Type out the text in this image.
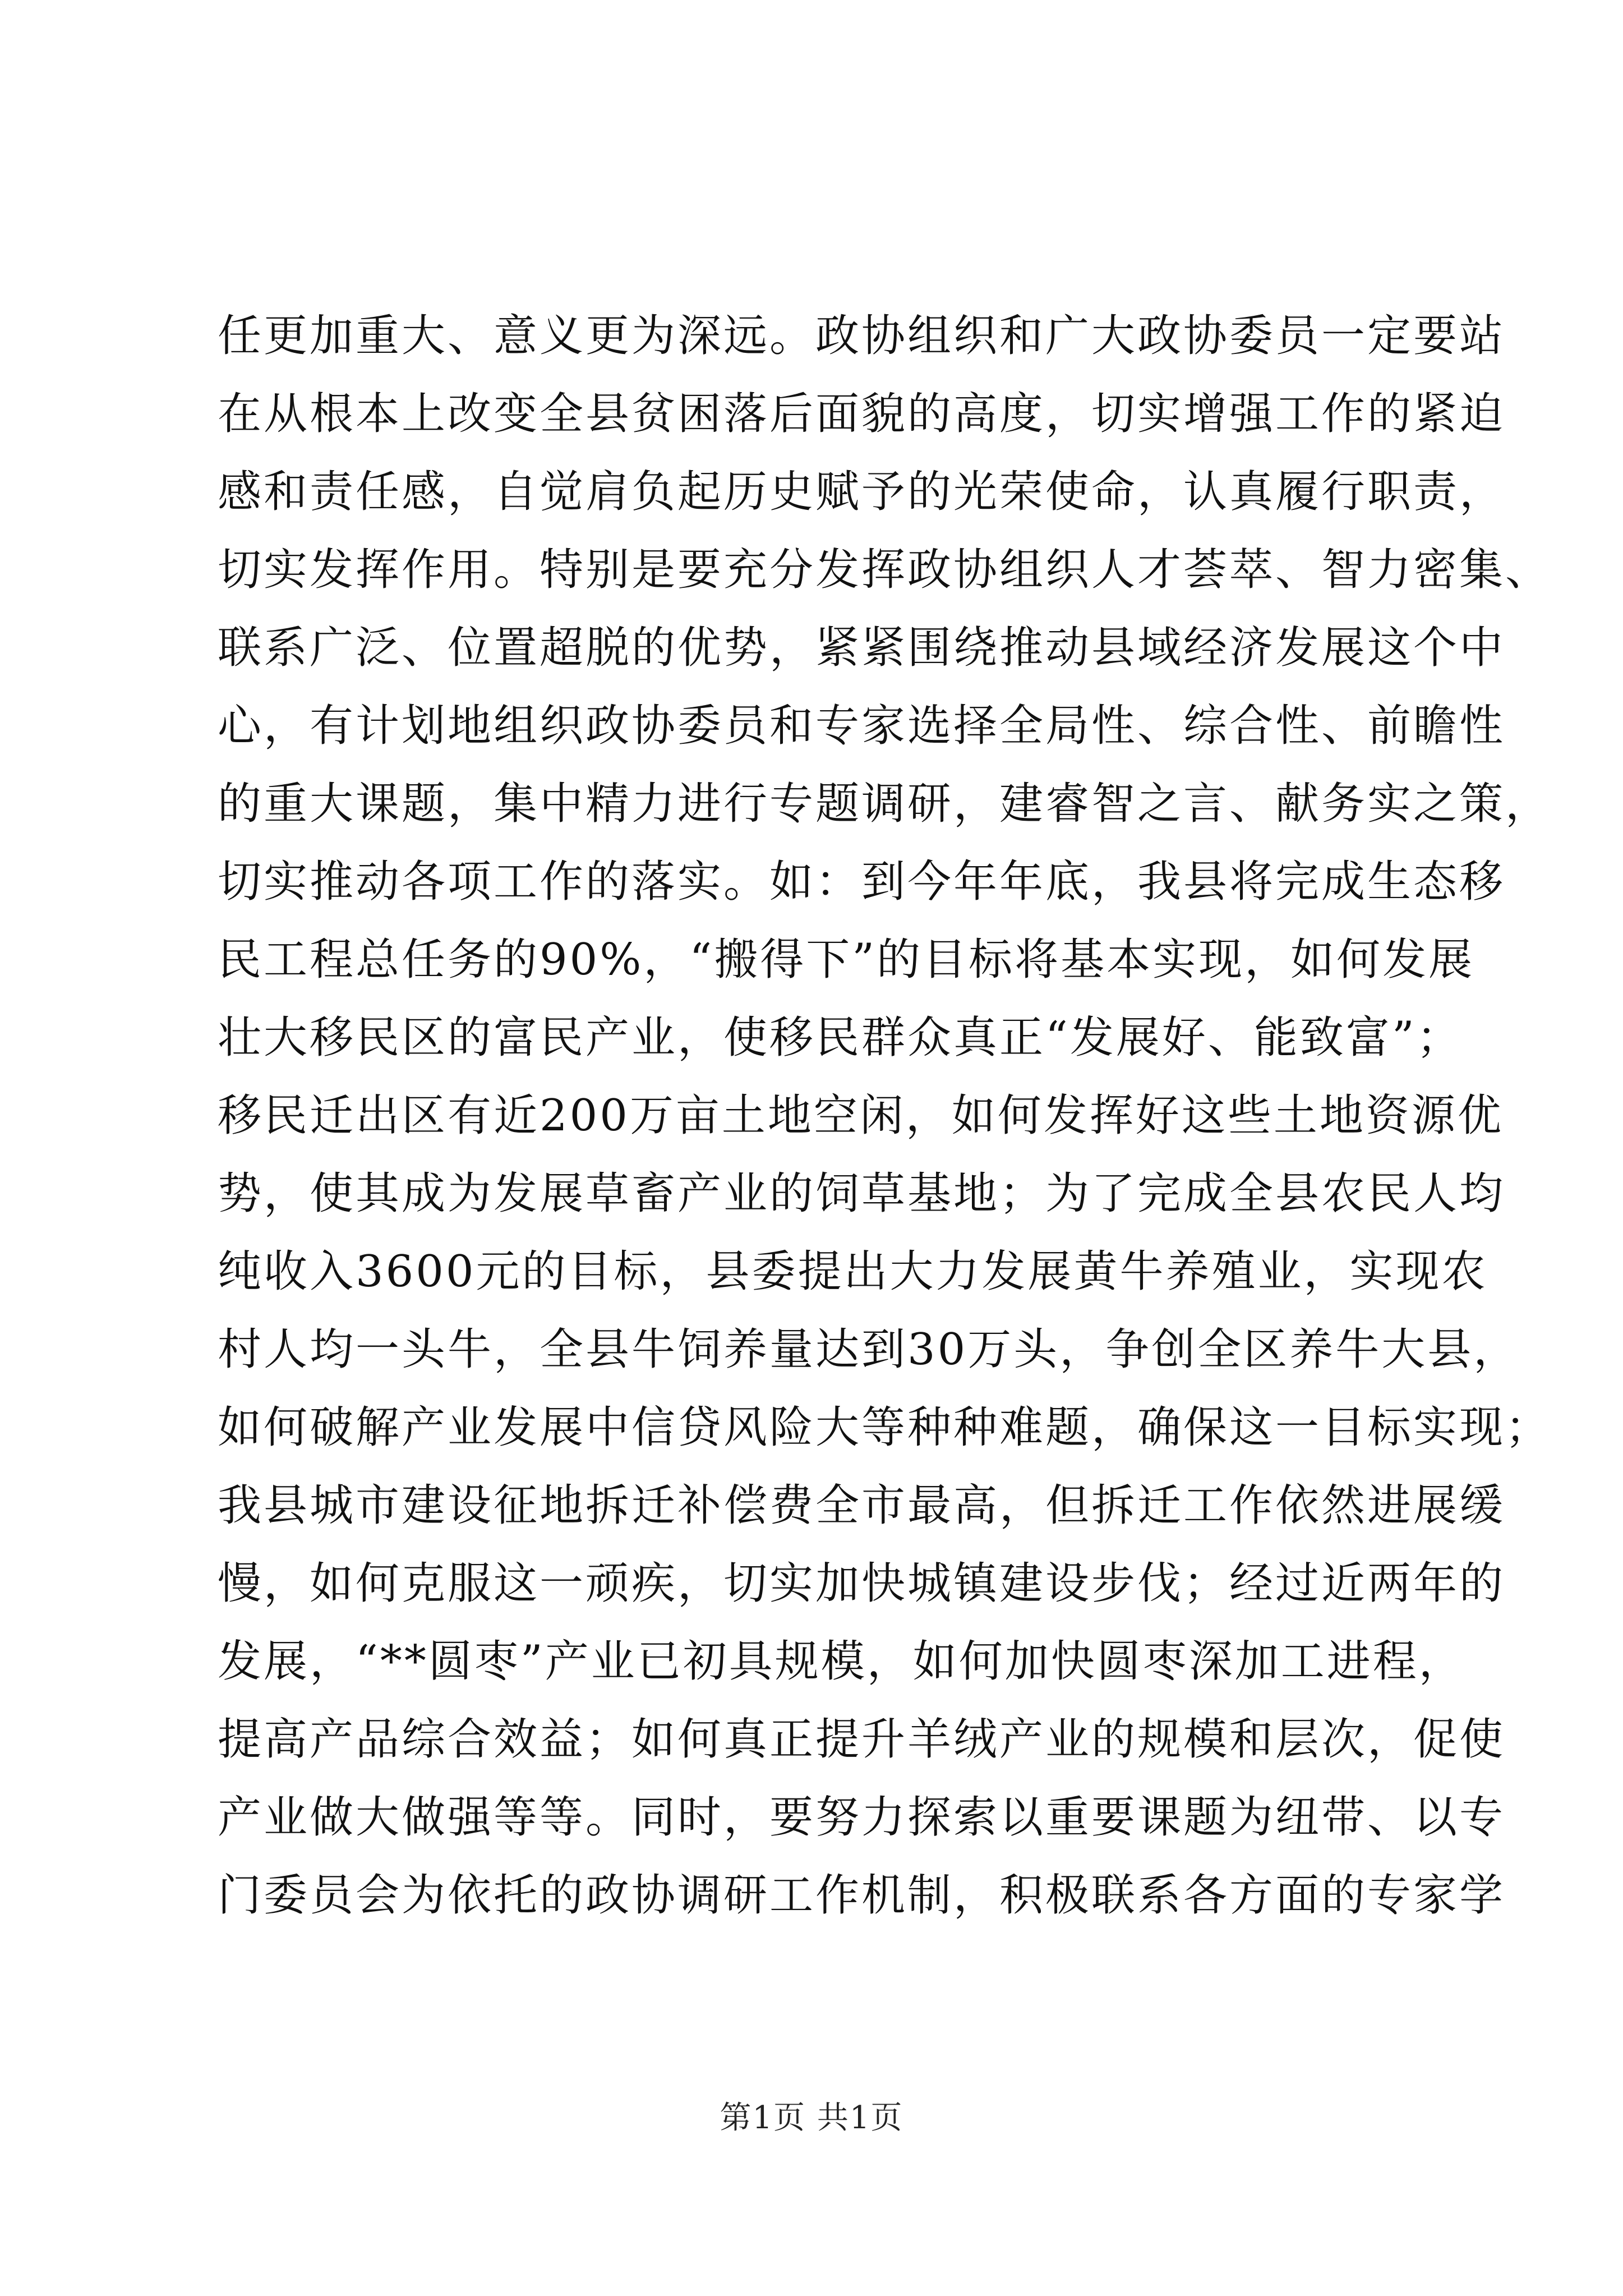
任更加重大、意义更为深远。政协组织和广大政协委员一定要站
在从根本上改变全县贫困落后面貌的高度，切实增强工作的紧迫
感和责任感，自觉肩负起历史赋予的光荣使命，认真履行职责，
切实发挥作用。特别是要充分发挥政协组织人才荟萃、智力密集、
联系广泛、位置超脱的优势，紧紧围绕推动县域经济发展这个中
心，有计划地组织政协委员和专家选择全局性、综合性、前瞻性
的重大课题，集中精力进行专题调研，建睿智之言、献务实之策，
切实推动各项工作的落实。如：到今年年底，我县将完成生态移
民工程总任务的90%，“搬得下”的目标将基本实现，如何发展
壮大移民区的富民产业，使移民群众真正“发展好、能致富”；
移民迁出区有近200万亩土地空闲，如何发挥好这些土地资源优
势，使其成为发展草畜产业的饲草基地；为了完成全县农民人均
纯收入3600元的目标，县委提出大力发展黄牛养殖业，实现农
村人均一头牛，全县牛饲养量达到30万头，争创全区养牛大县，
如何破解产业发展中信贷风险大等种种难题，确保这一目标实现；
我县城市建设征地拆迁补偿费全市最高，但拆迁工作依然进展缓
慢，如何克服这一顽疾，切实加快城镇建设步伐；经过近两年的
发展，“**圆枣”产业已初具规模，如何加快圆枣深加工进程，
提高产品综合效益；如何真正提升羊绒产业的规模和层次，促使
产业做大做强等等。同时，要努力探索以重要课题为纽带、以专
门委员会为依托的政协调研工作机制，积极联系各方面的专家学
第1页 共1页
